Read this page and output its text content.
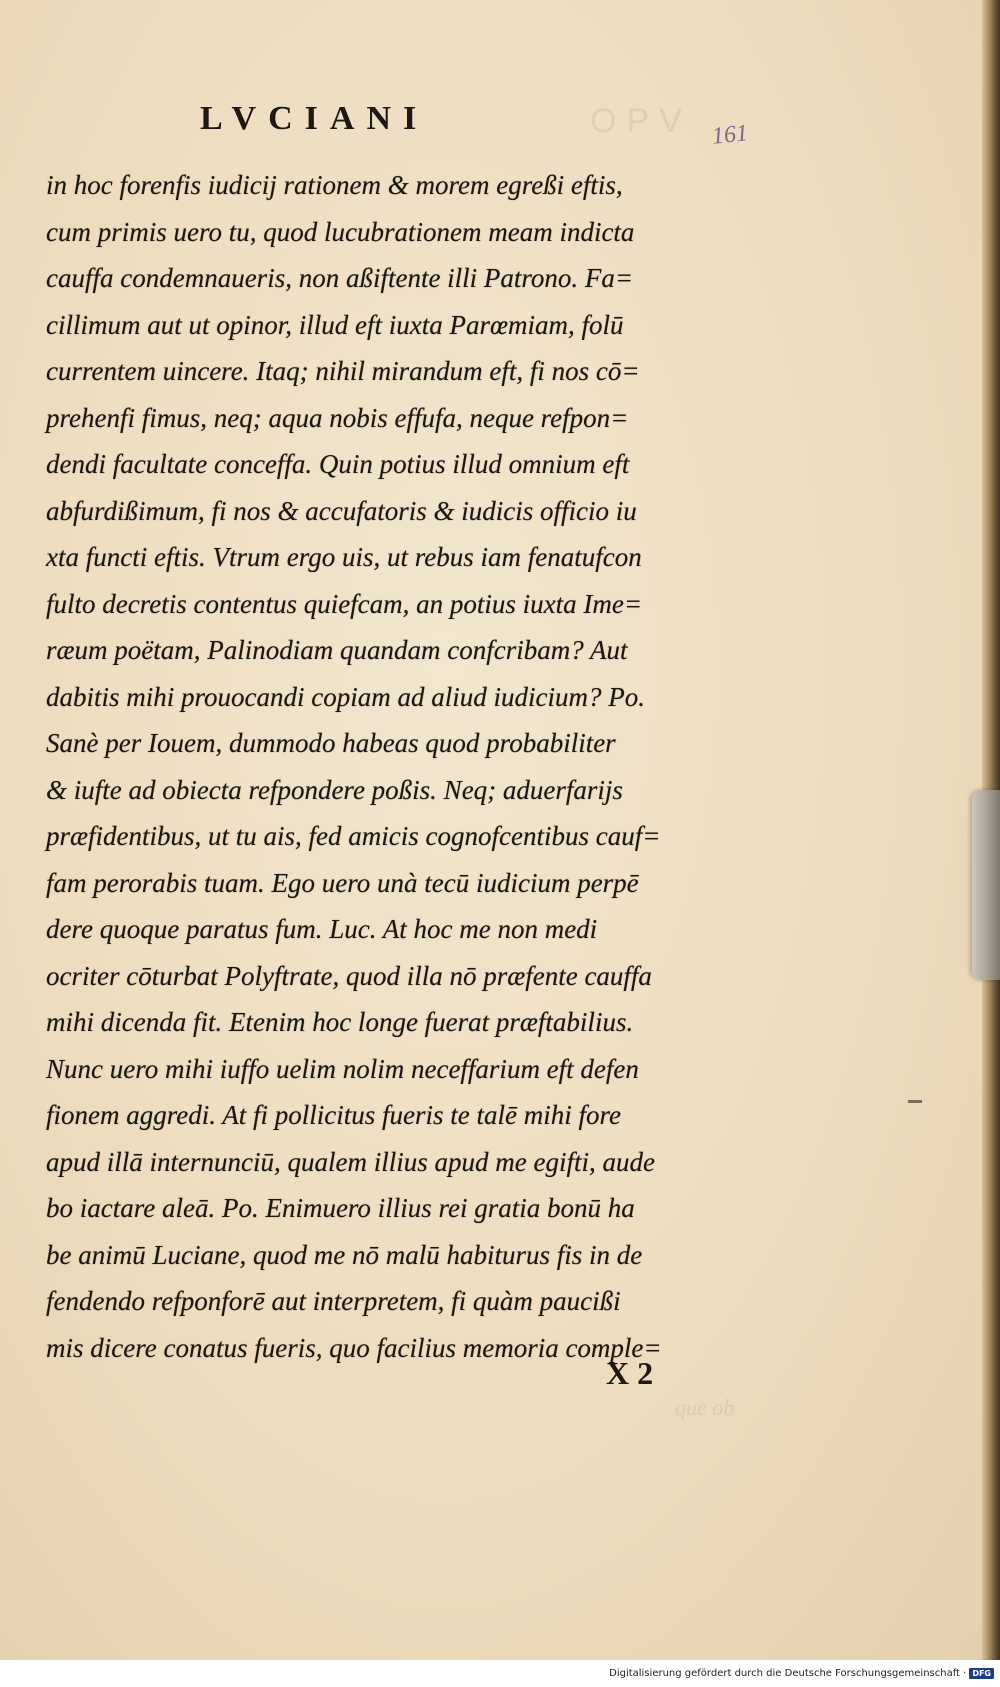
OPV
que ob
LVCIANI	161
in hoc forenfis iudicij rationem & morem egreßi eftis,
cum primis uero tu, quod lucubrationem meam indicta
cauffa condemnaueris, non aßiftente illi Patrono. Fa=
cillimum aut ut opinor, illud eft iuxta Parœmiam, folū
currentem uincere. Itaq; nihil mirandum eft, fi nos cō=
prehenfi fimus, neq; aqua nobis effufa, neque refpon=
dendi facultate conceffa. Quin potius illud omnium eft
abfurdißimum, fi nos & accufatoris & iudicis officio iu
xta functi eftis. Vtrum ergo uis, ut rebus iam fenatufcon
fulto decretis contentus quiefcam, an potius iuxta Ime=
ræum poëtam, Palinodiam quandam confcribam? Aut
dabitis mihi prouocandi copiam ad aliud iudicium? Po.
Sanè per Iouem, dummodo habeas quod probabiliter
& iufte ad obiecta refpondere poßis. Neq; aduerfarijs
præfidentibus, ut tu ais, fed amicis cognofcentibus cauf=
fam perorabis tuam. Ego uero unà tecū iudicium perpē
dere quoque paratus fum. Luc. At hoc me non medi
ocriter cōturbat Polyftrate, quod illa nō præfente cauffa
mihi dicenda fit. Etenim hoc longe fuerat præftabilius.
Nunc uero mihi iuffo uelim nolim neceffarium eft defen
fionem aggredi. At fi pollicitus fueris te talē mihi fore
apud illā internunciū, qualem illius apud me egifti, aude
bo iactare aleā. Po. Enimuero illius rei gratia bonū ha
be animū Luciane, quod me nō malū habiturus fis in de
fendendo refponforē aut interpretem, fi quàm paucißi
mis dicere conatus fueris, quo facilius memoria comple=
X 2
Digitalisierung gefördert durch die Deutsche Forschungsgemeinschaft · DFG
